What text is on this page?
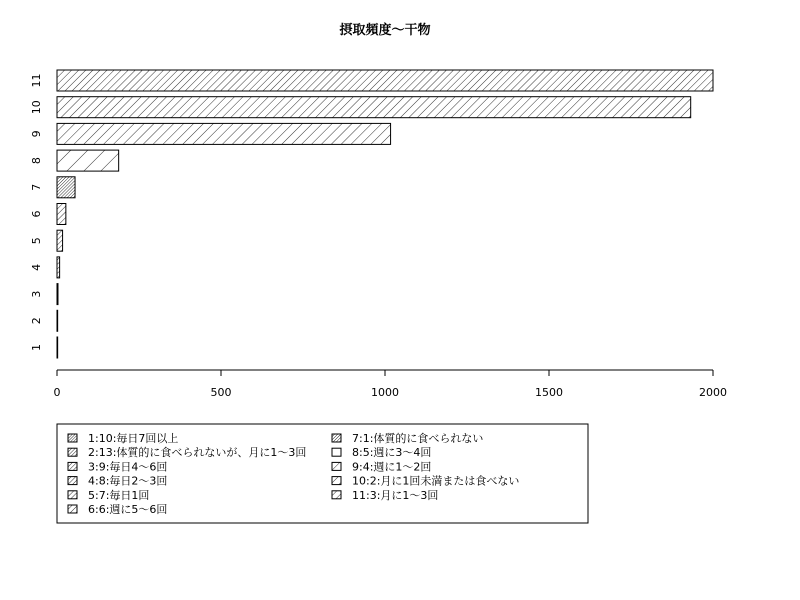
摂取頻度〜干物
1
2
3
4
5
6
7
8
9
10
11
0	500	1000	1500	2000
1:10:毎日7回以上
2:13:体質的に食べられないが、月に1〜3回
3:9:毎日4〜6回
4:8:毎日2〜3回
5:7:毎日1回
6:6:週に5〜6回
7:1:体質的に食べられない
8:5:週に3〜4回
9:4:週に1〜2回
10:2:月に1回未満または食べない
11:3:月に1〜3回
